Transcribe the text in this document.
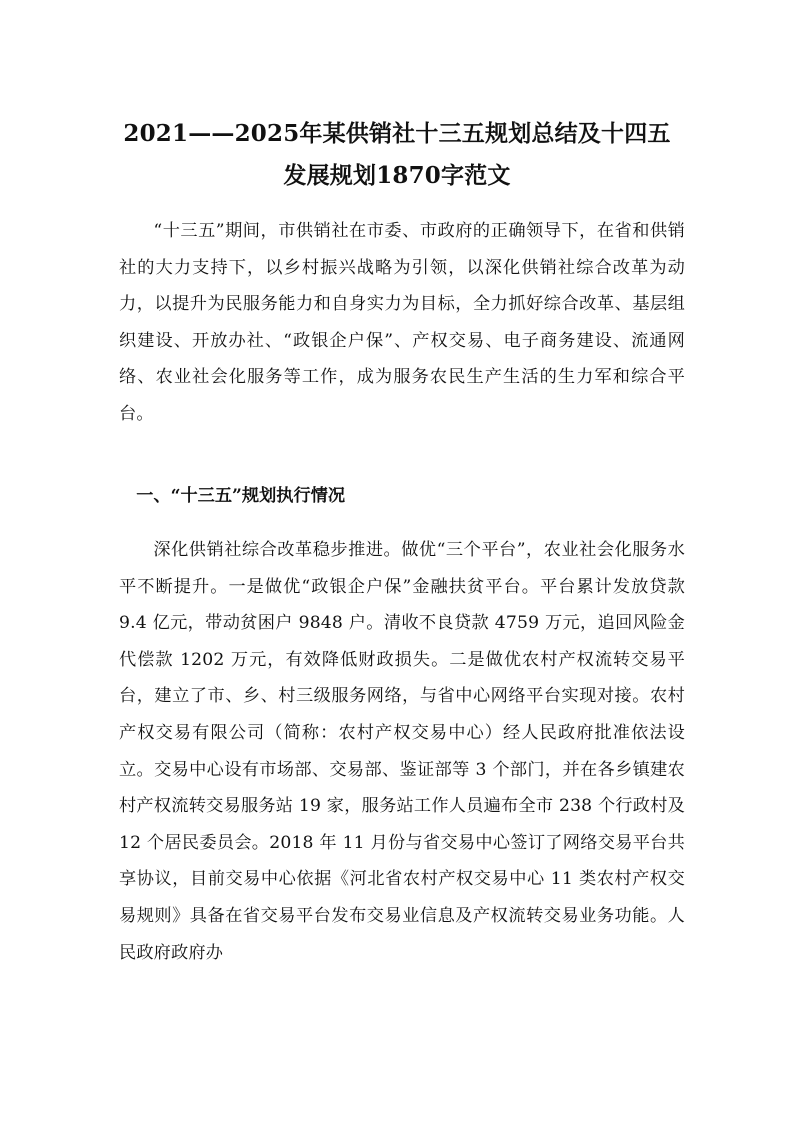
2021——2025年某供销社十三五规划总结及十四五
发展规划1870字范文
“十三五”期间，市供销社在市委、市政府的正确领导下，在省和供销社的大力支持下，以乡村振兴战略为引领，以深化供销社综合改革为动力，以提升为民服务能力和自身实力为目标，全力抓好综合改革、基层组织建设、开放办社、“政银企户保”、产权交易、电子商务建设、流通网络、农业社会化服务等工作，成为服务农民生产生活的生力军和综合平台。
一、“十三五”规划执行情况
深化供销社综合改革稳步推进。做优“三个平台”，农业社会化服务水平不断提升。一是做优“政银企户保”金融扶贫平台。平台累计发放贷款 9.4 亿元，带动贫困户 9848 户。清收不良贷款 4759 万元，追回风险金代偿款 1202 万元，有效降低财政损失。二是做优农村产权流转交易平台，建立了市、乡、村三级服务网络，与省中心网络平台实现对接。农村产权交易有限公司（简称：农村产权交易中心）经人民政府批准依法设立。交易中心设有市场部、交易部、鉴证部等 3 个部门，并在各乡镇建农村产权流转交易服务站 19 家，服务站工作人员遍布全市 238 个行政村及 12 个居民委员会。2018 年 11 月份与省交易中心签订了网络交易平台共享协议，目前交易中心依据《河北省农村产权交易中心 11 类农村产权交易规则》具备在省交易平台发布交易业信息及产权流转交易业务功能。人民政府政府办
